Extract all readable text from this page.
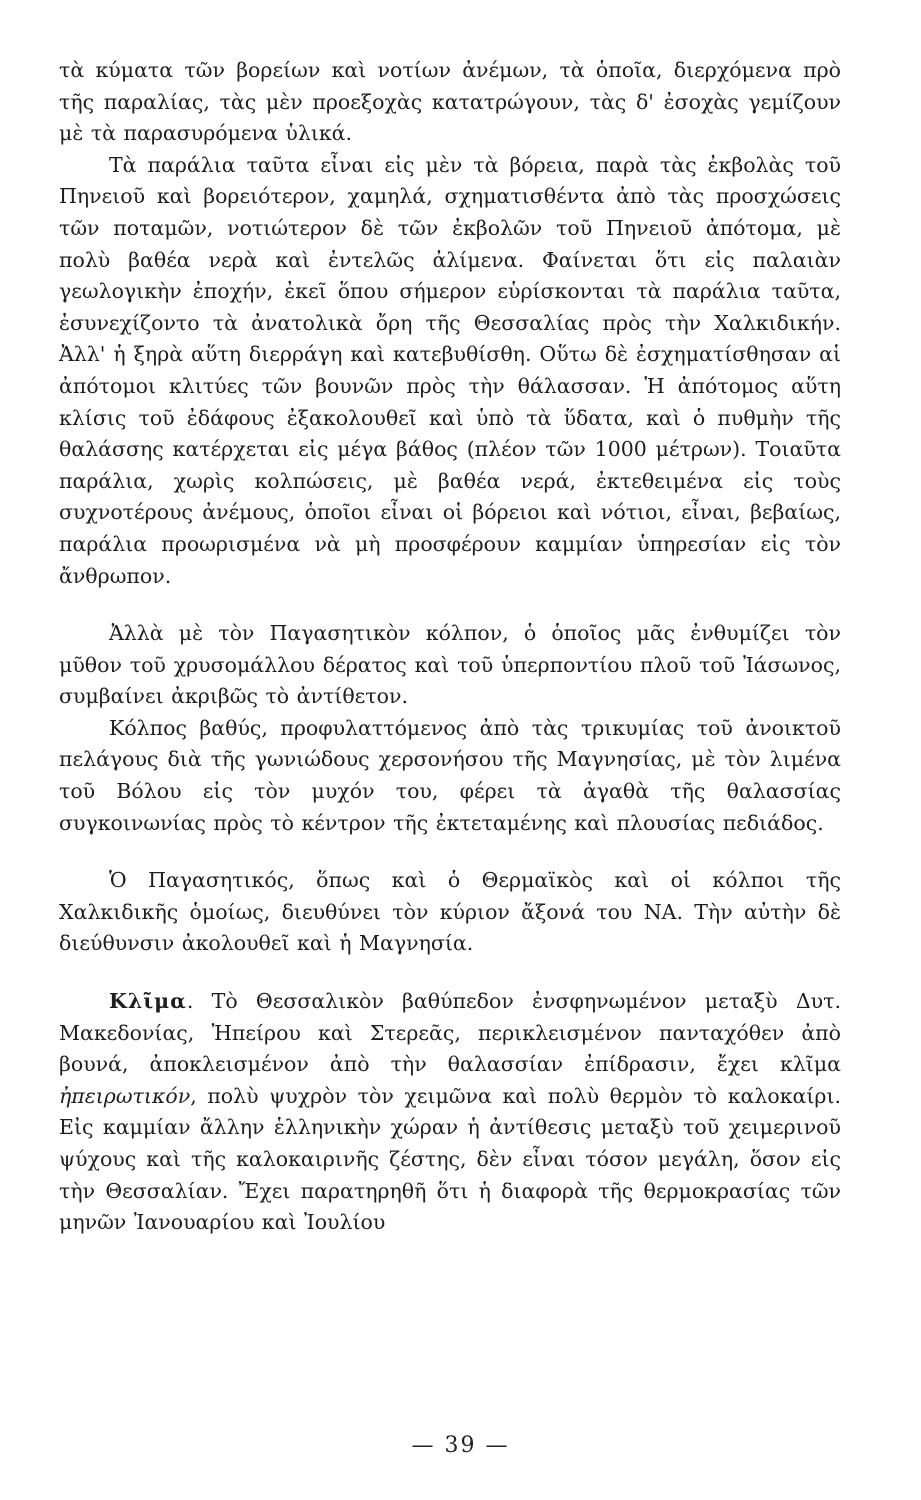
τὰ κύματα τῶν βορείων καὶ νοτίων ἀνέμων, τὰ ὁποῖα, διερχόμενα πρὸ τῆς παραλίας, τὰς μὲν προεξοχὰς κατατρώγουν, τὰς δ' ἐσοχὰς γεμίζουν μὲ τὰ παρασυρόμενα ὑλικά.

Τὰ παράλια ταῦτα εἶναι εἰς μὲν τὰ βόρεια, παρὰ τὰς ἐκβολὰς τοῦ Πηνειοῦ καὶ βορειότερον, χαμηλά, σχηματισθέντα ἀπὸ τὰς προσχώσεις τῶν ποταμῶν, νοτιώτερον δὲ τῶν ἐκβολῶν τοῦ Πηνειοῦ ἀπότομα, μὲ πολὺ βαθέα νερὰ καὶ ἐντελῶς ἀλίμενα. Φαίνεται ὅτι εἰς παλαιὰν γεωλογικὴν ἐποχήν, ἐκεῖ ὅπου σήμερον εὑρίσκονται τὰ παράλια ταῦτα, ἐσυνεχίζοντο τὰ ἀνατολικὰ ὄρη τῆς Θεσσαλίας πρὸς τὴν Χαλκιδικήν. Ἀλλ' ἡ ξηρὰ αὕτη διερράγη καὶ κατεβυθίσθη. Οὕτω δὲ ἐσχηματίσθησαν αἱ ἀπότομοι κλιτύες τῶν βουνῶν πρὸς τὴν θάλασσαν. Ἡ ἀπότομος αὕτη κλίσις τοῦ ἐδάφους ἐξακολουθεῖ καὶ ὑπὸ τὰ ὕδατα, καὶ ὁ πυθμὴν τῆς θαλάσσης κατέρχεται εἰς μέγα βάθος (πλέον τῶν 1000 μέτρων). Τοιαῦτα παράλια, χωρὶς κολπώσεις, μὲ βαθέα νερά, ἐκτεθειμένα εἰς τοὺς συχνοτέρους ἀνέμους, ὁποῖοι εἶναι οἱ βόρειοι καὶ νότιοι, εἶναι, βεβαίως, παράλια προωρισμένα νὰ μὴ προσφέρουν καμμίαν ὑπηρεσίαν εἰς τὸν ἄνθρωπον.

Ἀλλὰ μὲ τὸν Παγασητικὸν κόλπον, ὁ ὁποῖος μᾶς ἐνθυμίζει τὸν μῦθον τοῦ χρυσομάλλου δέρατος καὶ τοῦ ὑπερποντίου πλοῦ τοῦ Ἰάσωνος, συμβαίνει ἀκριβῶς τὸ ἀντίθετον.

Κόλπος βαθύς, προφυλαττόμενος ἀπὸ τὰς τρικυμίας τοῦ ἀνοικτοῦ πελάγους διὰ τῆς γωνιώδους χερσονήσου τῆς Μαγνησίας, μὲ τὸν λιμένα τοῦ Βόλου εἰς τὸν μυχόν του, φέρει τὰ ἀγαθὰ τῆς θαλασσίας συγκοινωνίας πρὸς τὸ κέντρον τῆς ἐκτεταμένης καὶ πλουσίας πεδιάδος.

Ὁ Παγασητικός, ὅπως καὶ ὁ Θερμαϊκὸς καὶ οἱ κόλποι τῆς Χαλκιδικῆς ὁμοίως, διευθύνει τὸν κύριον ἄξονά του ΝΑ. Τὴν αὐτὴν δὲ διεύθυνσιν ἀκολουθεῖ καὶ ἡ Μαγνησία.

Κλῖμα. Τὸ Θεσσαλικὸν βαθύπεδον ἐνσφηνωμένον μεταξὺ Δυτ. Μακεδονίας, Ἠπείρου καὶ Στερεᾶς, περικλεισμένον πανταχόθεν ἀπὸ βουνά, ἀποκλεισμένον ἀπὸ τὴν θαλασσίαν ἐπίδρασιν, ἔχει κλῖμα ἠπειρωτικόν, πολὺ ψυχρὸν τὸν χειμῶνα καὶ πολὺ θερμὸν τὸ καλοκαίρι. Εἰς καμμίαν ἄλλην ἑλληνικὴν χώραν ἡ ἀντίθεσις μεταξὺ τοῦ χειμερινοῦ ψύχους καὶ τῆς καλοκαιρινῆς ζέστης, δὲν εἶναι τόσον μεγάλη, ὅσον εἰς τὴν Θεσσαλίαν. Ἔχει παρατηρηθῆ ὅτι ἡ διαφορὰ τῆς θερμοκρασίας τῶν μηνῶν Ἰανουαρίου καὶ Ἰουλίου

— 39 —
